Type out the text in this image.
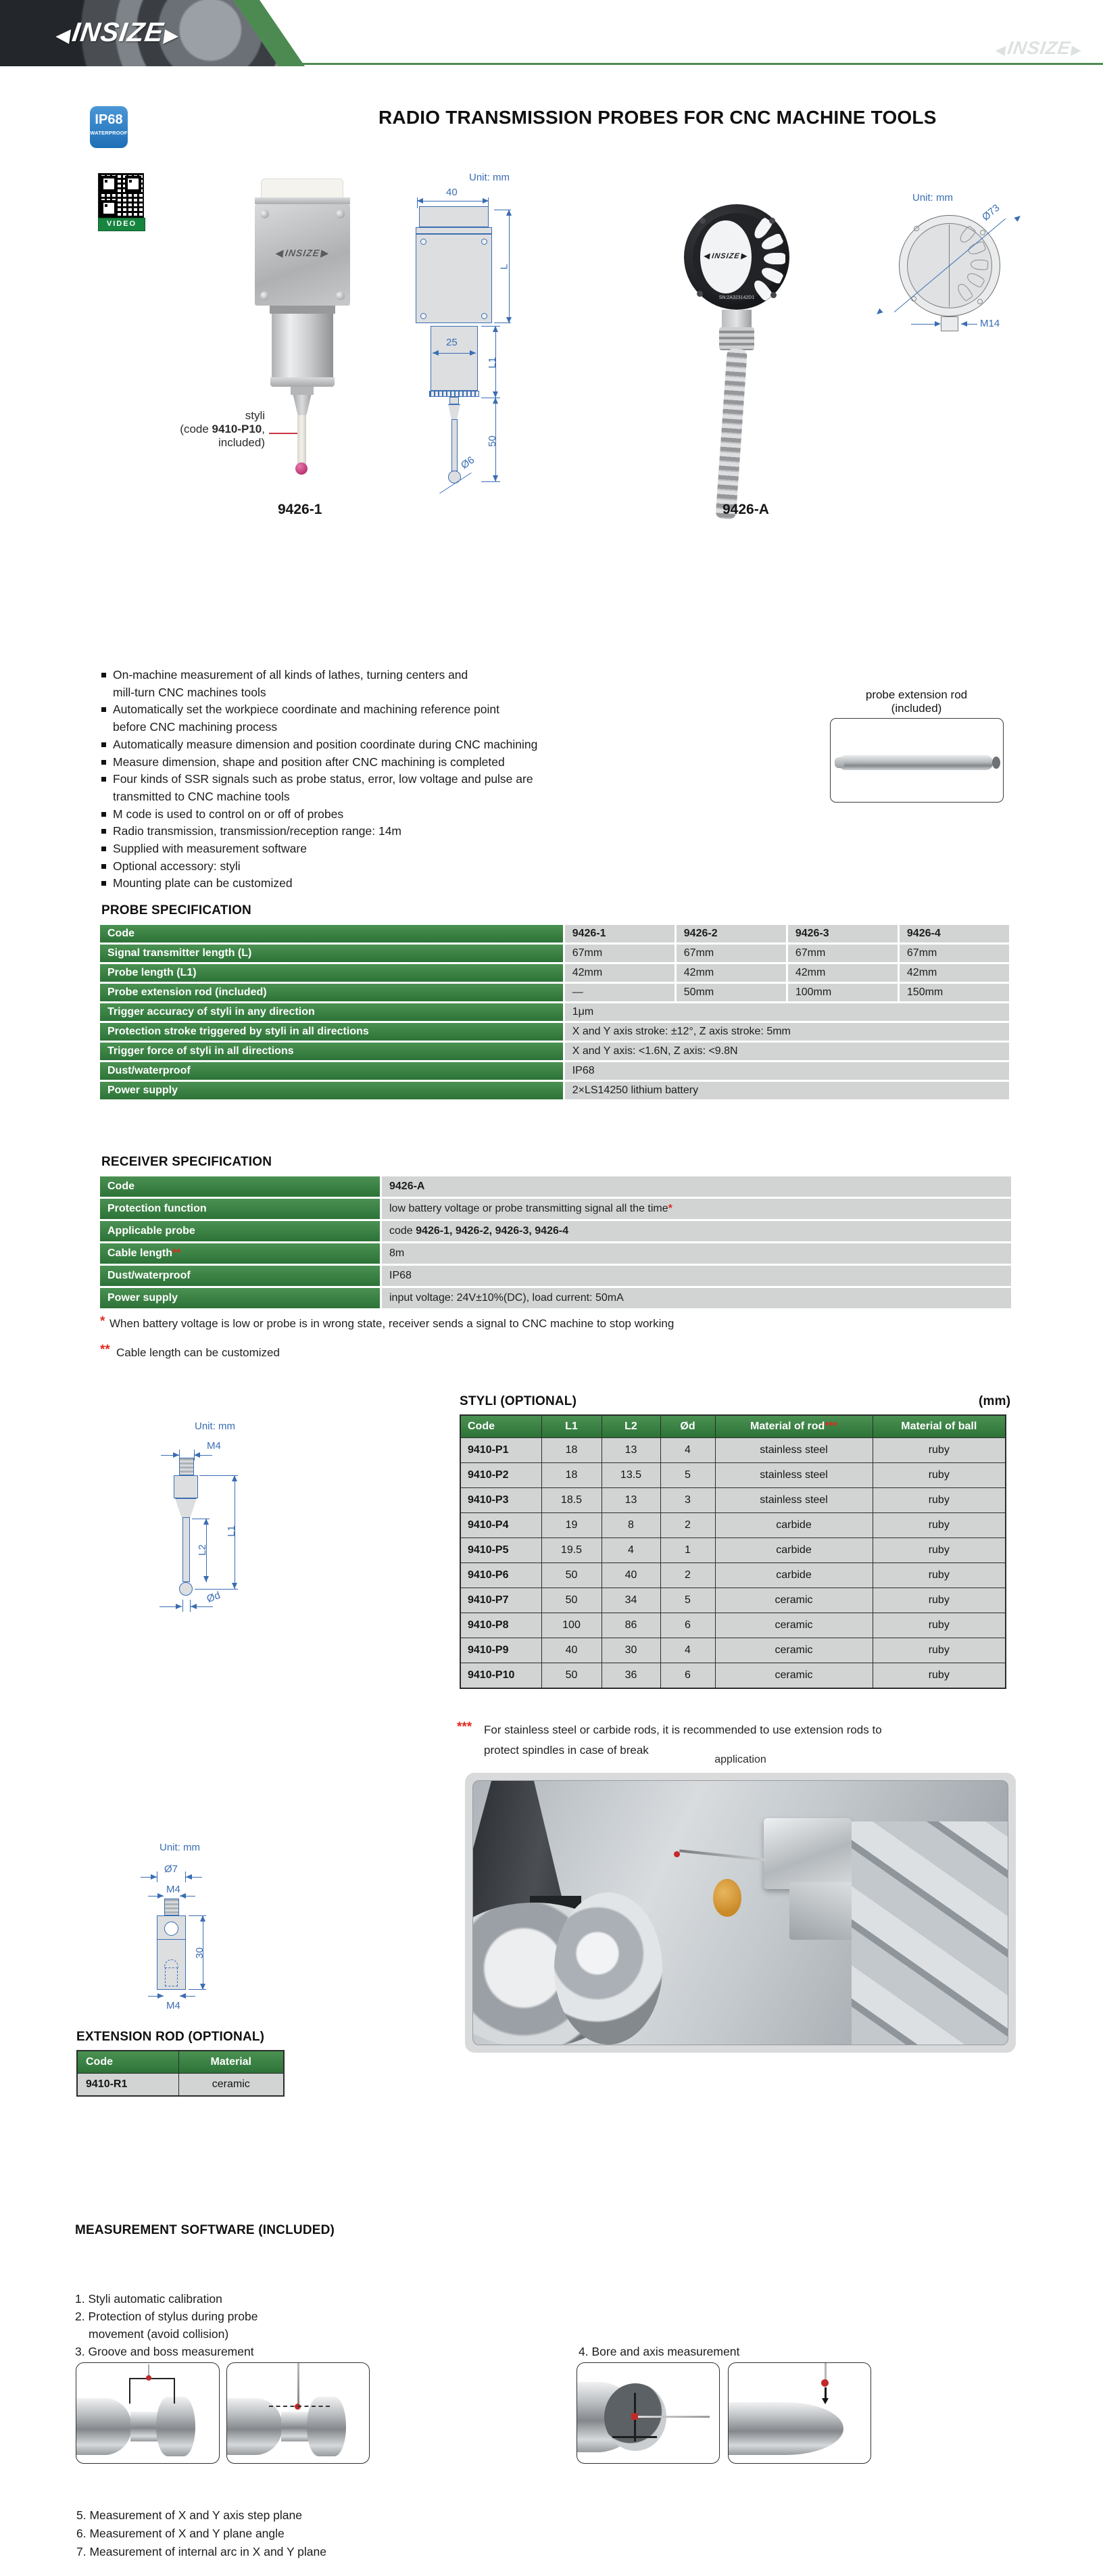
◀ INSIZE ▶
◀ INSIZE ▶
IP68
WATERPROOF
RADIO TRANSMISSION PROBES FOR CNC MACHINE TOOLS
VIDEO
◀ INSIZE ▶
9426-1
styli
(code 9410-P10,
included)
Unit: mm
40
L
25
L1
50
Ø6
◀ INSIZE ▶
SN:2A323142D1
9426-A
Unit: mm
Ø73
M14
On-machine measurement of all kinds of lathes, turning centers and
mill-turn CNC machines tools
Automatically set the workpiece coordinate and machining reference point
before CNC machining process
Automatically measure dimension and position coordinate during CNC machining
Measure dimension, shape and position after CNC machining is completed
Four kinds of SSR signals such as probe status, error, low voltage and pulse are
transmitted to CNC machine tools
M code is used to control on or off of probes
Radio transmission, transmission/reception range: 14m
Supplied with measurement software
Optional accessory: styli
Mounting plate can be customized
probe extension rod
(included)
PROBE SPECIFICATION
Code	9426-1	9426-2	9426-3	9426-4
Signal transmitter length (L)	67mm	67mm	67mm	67mm
Probe length (L1)	42mm	42mm	42mm	42mm
Probe extension rod (included)	—	50mm	100mm	150mm
Trigger accuracy of styli in any direction	1μm			
Protection stroke triggered by styli in all directions	X and Y axis stroke: ±12°, Z axis stroke: 5mm			
Trigger force of styli in all directions	X and Y axis: <1.6N, Z axis: <9.8N			
Dust/waterproof	IP68			
Power supply	2×LS14250 lithium battery			
RECEIVER SPECIFICATION
Code	9426-A
Protection function	low battery voltage or probe transmitting signal all the time*
Applicable probe	code 9426-1, 9426-2, 9426-3, 9426-4
Cable length**	8m
Dust/waterproof	IP68
Power supply	input voltage: 24V±10%(DC), load current: 50mA
* When battery voltage is low or probe is in wrong state, receiver sends a signal to CNC machine to stop working
** Cable length can be customized
Unit: mm
M4
L1
L2
Ød
STYLI (OPTIONAL)	(mm)
Code	L1	L2	Ød	Material of rod***	Material of ball
9410-P1	18	13	4	stainless steel	ruby
9410-P2	18	13.5	5	stainless steel	ruby
9410-P3	18.5	13	3	stainless steel	ruby
9410-P4	19	8	2	carbide	ruby
9410-P5	19.5	4	1	carbide	ruby
9410-P6	50	40	2	carbide	ruby
9410-P7	50	34	5	ceramic	ruby
9410-P8	100	86	6	ceramic	ruby
9410-P9	40	30	4	ceramic	ruby
9410-P10	50	36	6	ceramic	ruby
*** For stainless steel or carbide rods, it is recommended to use extension rods to
protect spindles in case of break
application
Unit: mm
Ø7
M4
30
M4
EXTENSION ROD (OPTIONAL)
Code	Material
9410-R1	ceramic
MEASUREMENT SOFTWARE (INCLUDED)
1. Styli automatic calibration
2. Protection of stylus during probe
movement (avoid collision)
3. Groove and boss measurement	4. Bore and axis measurement
5. Measurement of X and Y axis step plane
6. Measurement of X and Y plane angle
7. Measurement of internal arc in X and Y plane
